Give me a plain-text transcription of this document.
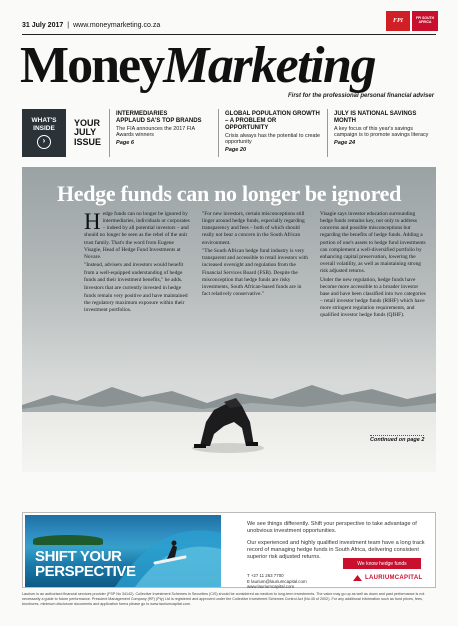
31 July 2017 | www.moneymarketing.co.za
FPI	FPI SOUTH AFRICA
MoneyMarketing
First for the professional personal financial adviser
WHAT'S
INSIDE
›
YOUR
JULY
ISSUE
INTERMEDIARIES
APPLAUD SA'S TOP BRANDS
The FIA announces the 2017 FIA Awards winners
Page 6
GLOBAL POPULATION GROWTH – A PROBLEM OR OPPORTUNITY
Crisis always has the potential to create opportunity
Page 20
JULY IS NATIONAL SAVINGS MONTH
A key focus of this year's savings campaign is to promote savings literacy
Page 24
Hedge funds can no longer be ignored
H edge funds can no longer be ignored by intermediaries, individuals or corporates – indeed by all potential investors – and should no longer be seen as the rebel of the unit trust family. That's the word from Eugene Visagie, Head of Hedge Fund Investments at Novare.

"Instead, advisers and investors would benefit from a well-equipped understanding of hedge funds and their investment benefits," he adds.

Investors that are currently invested in hedge funds remain very positive and have maintained the regulatory maximum exposure within their investment portfolios.

"For new investors, certain misconceptions still linger around hedge funds, especially regarding transparency and fees – both of which should really not bear a concern in the South African environment.

"The South African hedge fund industry is very transparent and accessible to retail investors with increased oversight and regulation from the Financial Services Board (FSB). Despite the misconception that hedge funds are risky investments, South African-based funds are in fact relatively conservative."

Visagie says investor education surrounding hedge funds remains key, not only to address concerns and possible misconceptions but regarding the benefits of hedge funds. Adding a portion of one's assets to hedge fund investments can complement a well-diversified portfolio by enhancing capital preservation, lowering the overall volatility, as well as maintaining strong risk adjusted returns.

Under the new regulation, hedge funds have become more accessible to a broader investor base and have been classified into two categories – retail investor hedge funds (RIHF) which have more stringent regulation requirements, and qualified investor hedge funds (QIHF).

Continued on page 2
SHIFT YOUR
PERSPECTIVE

We see things differently. Shift your perspective to take advantage of unobvious investment opportunities.

Our experienced and highly qualified investment team have a long track record of managing hedge funds in South Africa, delivering consistent superior risk adjusted returns.

We know hedge funds
T +27 11 263 7700
E laurium@lauriumcapital.com
www.lauriumcapital.com
LAURIUMCAPITAL
Laurium is an authorised financial services provider (FSP No 34142). Collective Investment Schemes in Securities (CIS) should be considered as medium to long-term investments. The value may go up as well as down and past performance is not necessarily a guide to future performance. Prescient Management Company (RF) (Pty) Ltd is registered and approved under the Collective Investment Schemes Control Act (No.45 of 2002). For any additional information such as fund prices, fees, brochures, minimum disclosure documents and application forms please go to www.lauriumcapital.com.
